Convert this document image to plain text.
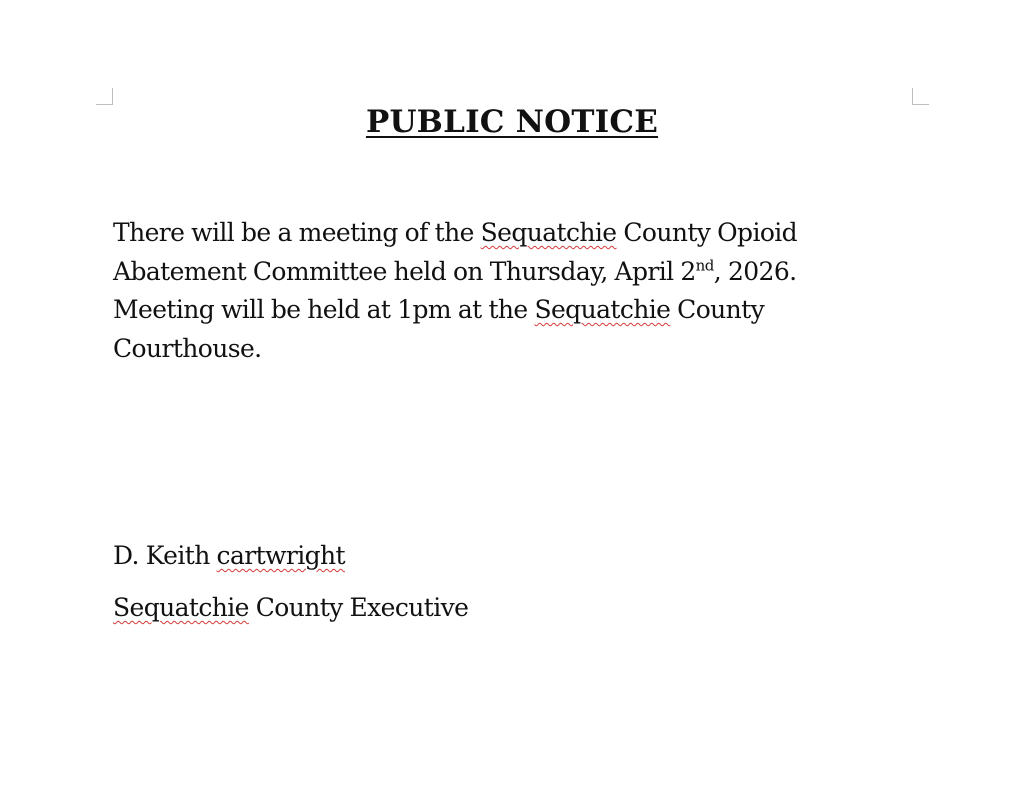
PUBLIC NOTICE

There will be a meeting of the Sequatchie County Opioid Abatement Committee held on Thursday, April 2nd, 2026. Meeting will be held at 1pm at the Sequatchie County Courthouse.

D. Keith cartwright
Sequatchie County Executive
